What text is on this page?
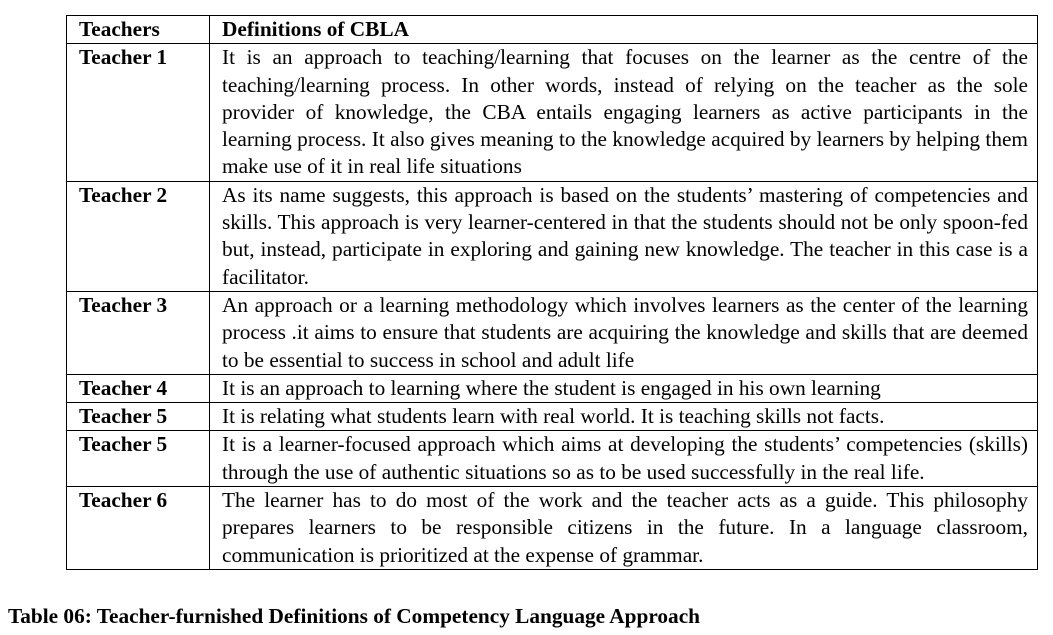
Teachers	Definitions of CBLA
Teacher 1	It is an approach to teaching/learning that focuses on the learner as the centre of the teaching/learning process. In other words, instead of relying on the teacher as the sole provider of knowledge, the CBA entails engaging learners as active participants in the learning process. It also gives meaning to the knowledge acquired by learners by helping them make use of it in real life situations
Teacher 2	As its name suggests, this approach is based on the students’ mastering of competencies and skills. This approach is very learner-centered in that the students should not be only spoon-fed but, instead, participate in exploring and gaining new knowledge. The teacher in this case is a facilitator.
Teacher 3	An approach or a learning methodology which involves learners as the center of the learning process .it aims to ensure that students are acquiring the knowledge and skills that are deemed to be essential to success in school and adult life
Teacher 4	It is an approach to learning where the student is engaged in his own learning
Teacher 5	It is relating what students learn with real world. It is teaching skills not facts.
Teacher 5	It is a learner-focused approach which aims at developing the students’ competencies (skills) through the use of authentic situations so as to be used successfully in the real life.
Teacher 6	The learner has to do most of the work and the teacher acts as a guide. This philosophy prepares learners to be responsible citizens in the future. In a language classroom, communication is prioritized at the expense of grammar.
Table 06: Teacher-furnished Definitions of Competency Language Approach
